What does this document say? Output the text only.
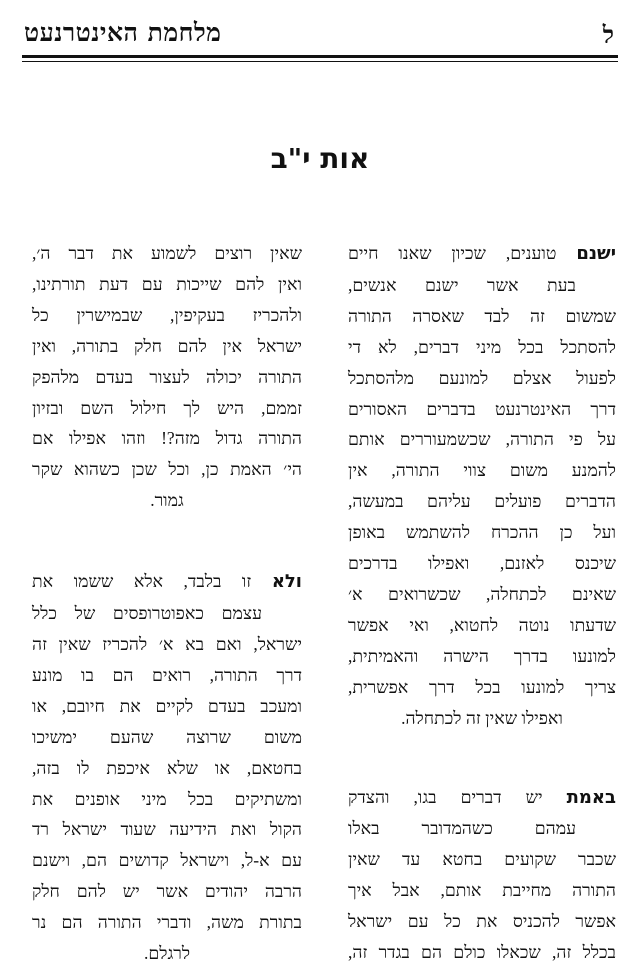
ל
מלחמת האינטרנעט
אות י"ב
ישנם טוענים, שכיון שאנו חיים
בעת אשר ישנם אנשים,
שמשום זה לבד שאסרה התורה
להסתכל בכל מיני דברים, לא די
לפעול אצלם למונעם מלהסתכל
דרך האינטרנעט בדברים האסורים
על פי התורה, שכשמעוררים אותם
להמנע משום צווי התורה, אין
הדברים פועלים עליהם במעשה,
ועל כן ההכרח להשתמש באופן
שיכנס לאזנם, ואפילו בדרכים
שאינם לכתחלה, שכשרואים א׳
שדעתו נוטה לחטוא, ואי אפשר
למונעו בדרך הישרה והאמיתית,
צריך למונעו בכל דרך אפשרית,
ואפילו שאין זה לכתחלה.
באמת יש דברים בגו, והצדק
עמהם כשהמדובר באלו
שכבר שקועים בחטא עד שאין
התורה מחייבת אותם, אבל איך
אפשר להכניס את כל עם ישראל
בכלל זה, שכאלו כולם הם בגדר זה,
שאין רוצים לשמוע את דבר ה׳,
ואין להם שייכות עם דעת תורתינו,
ולהכריז בעקיפין, שבמישרין כל
ישראל אין להם חלק בתורה, ואין
התורה יכולה לעצור בעדם מלהפק
זממם, היש לך חילול השם ובזיון
התורה גדול מזה?! וזהו אפילו אם
הי׳ האמת כן, וכל שכן כשהוא שקר
גמור.
ולא זו בלבד, אלא ששמו את
עצמם כאפוטרופסים של כלל
ישראל, ואם בא א׳ להכריז שאין זה
דרך התורה, רואים הם בו מונע
ומעכב בעדם לקיים את חיובם, או
משום שרוצה שהעם ימשיכו
בחטאם, או שלא איכפת לו בזה,
ומשתיקים בכל מיני אופנים את
הקול ואת הידיעה שעוד ישראל רד
עם א-ל, וישראל קדושים הם, וישנם
הרבה יהודים אשר יש להם חלק
בתורת משה, ודברי התורה הם נר
לרגלם.
